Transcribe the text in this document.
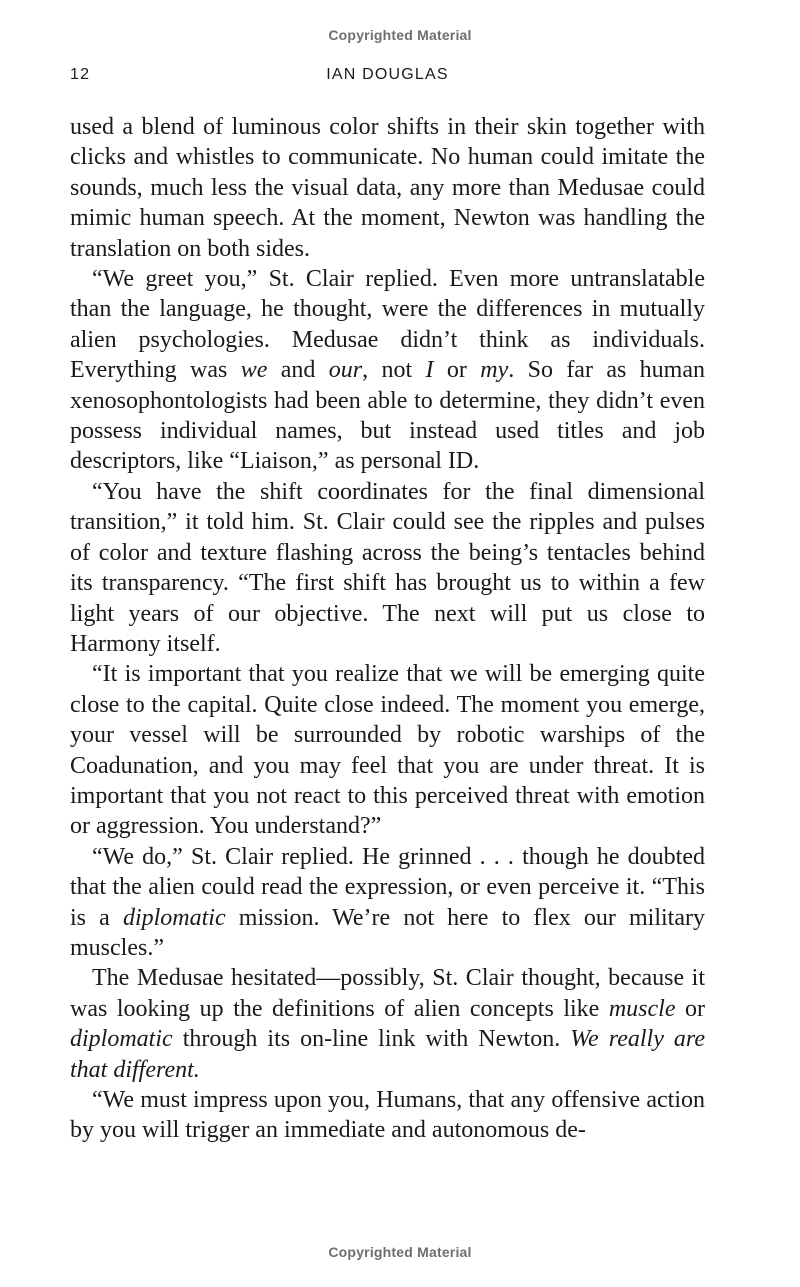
Copyrighted Material
12	IAN DOUGLAS

used a blend of luminous color shifts in their skin together with clicks and whistles to communicate. No human could imitate the sounds, much less the visual data, any more than Medusae could mimic human speech. At the moment, Newton was handling the translation on both sides.

“We greet you,” St. Clair replied. Even more untranslatable than the language, he thought, were the differences in mutually alien psychologies. Medusae didn’t think as individuals. Everything was we and our, not I or my. So far as human xenosophontologists had been able to determine, they didn’t even possess individual names, but instead used titles and job descriptors, like “Liaison,” as personal ID.

“You have the shift coordinates for the final dimensional transition,” it told him. St. Clair could see the ripples and pulses of color and texture flashing across the being’s tentacles behind its transparency. “The first shift has brought us to within a few light years of our objective. The next will put us close to Harmony itself.

“It is important that you realize that we will be emerging quite close to the capital. Quite close indeed. The moment you emerge, your vessel will be surrounded by robotic warships of the Coadunation, and you may feel that you are under threat. It is important that you not react to this perceived threat with emotion or aggression. You understand?”

“We do,” St. Clair replied. He grinned . . . though he doubted that the alien could read the expression, or even perceive it. “This is a diplomatic mission. We’re not here to flex our military muscles.”

The Medusae hesitated—possibly, St. Clair thought, because it was looking up the definitions of alien concepts like muscle or diplomatic through its on-line link with Newton. We really are that different.

“We must impress upon you, Humans, that any offensive action by you will trigger an immediate and autonomous de-

Copyrighted Material
